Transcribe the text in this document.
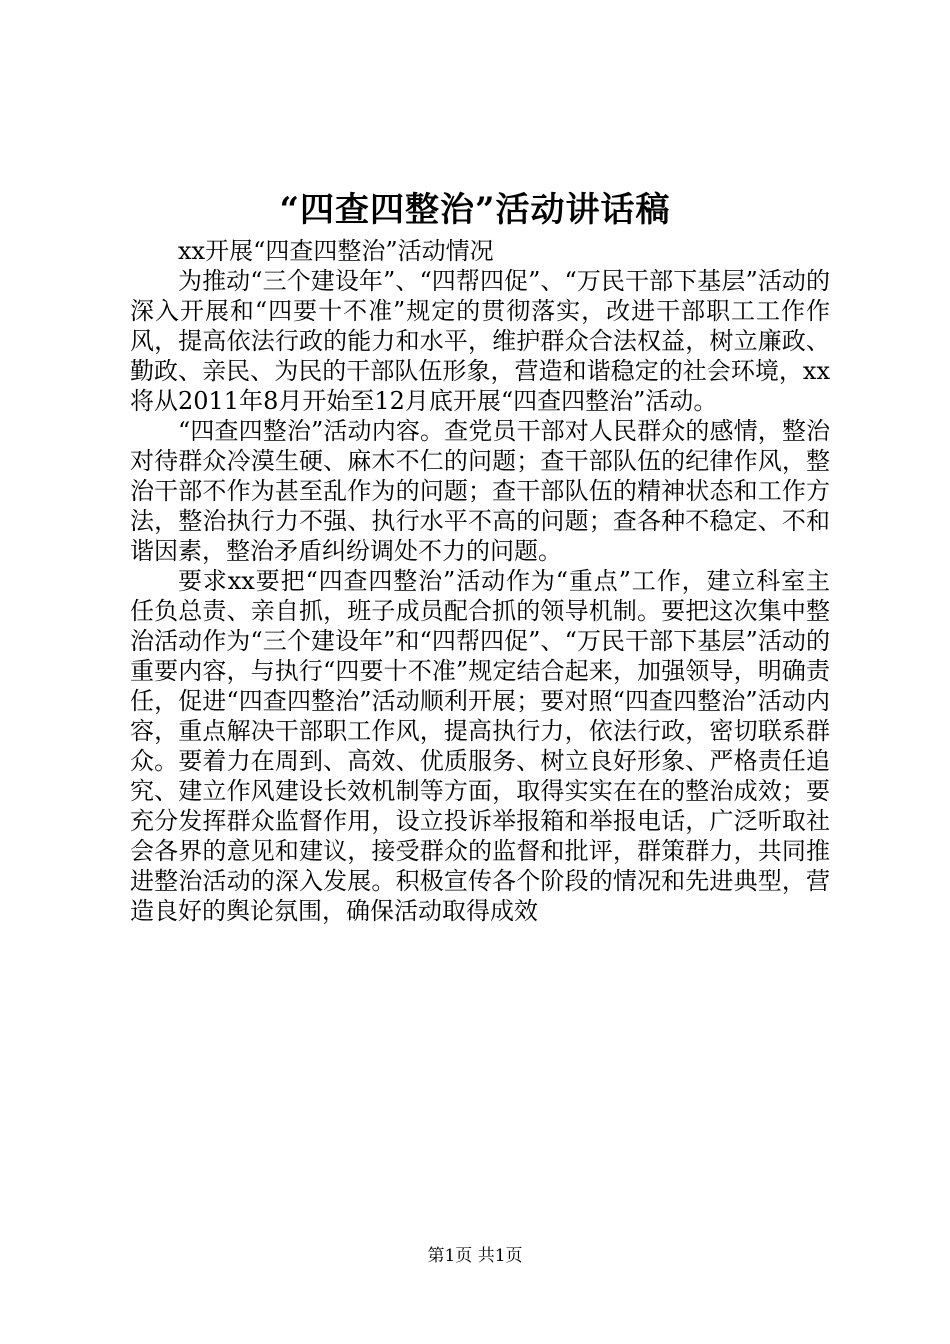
“四查四整治”活动讲话稿

xx开展“四查四整治”活动情况

为推动“三个建设年”、“四帮四促”、“万民干部下基层”活动的深入开展和“四要十不准”规定的贯彻落实，改进干部职工工作作风，提高依法行政的能力和水平，维护群众合法权益，树立廉政、勤政、亲民、为民的干部队伍形象，营造和谐稳定的社会环境，xx将从2011年8月开始至12月底开展“四查四整治”活动。

“四查四整治”活动内容。查党员干部对人民群众的感情，整治对待群众冷漠生硬、麻木不仁的问题；查干部队伍的纪律作风，整治干部不作为甚至乱作为的问题；查干部队伍的精神状态和工作方法，整治执行力不强、执行水平不高的问题；查各种不稳定、不和谐因素，整治矛盾纠纷调处不力的问题。

要求xx要把“四查四整治”活动作为“重点”工作，建立科室主任负总责、亲自抓，班子成员配合抓的领导机制。要把这次集中整治活动作为“三个建设年”和“四帮四促”、“万民干部下基层”活动的重要内容，与执行“四要十不准”规定结合起来，加强领导，明确责任，促进“四查四整治”活动顺利开展；要对照“四查四整治”活动内容，重点解决干部职工作风，提高执行力，依法行政，密切联系群众。要着力在周到、高效、优质服务、树立良好形象、严格责任追究、建立作风建设长效机制等方面，取得实实在在的整治成效；要充分发挥群众监督作用，设立投诉举报箱和举报电话，广泛听取社会各界的意见和建议，接受群众的监督和批评，群策群力，共同推进整治活动的深入发展。积极宣传各个阶段的情况和先进典型，营造良好的舆论氛围，确保活动取得成效

第1页 共1页
